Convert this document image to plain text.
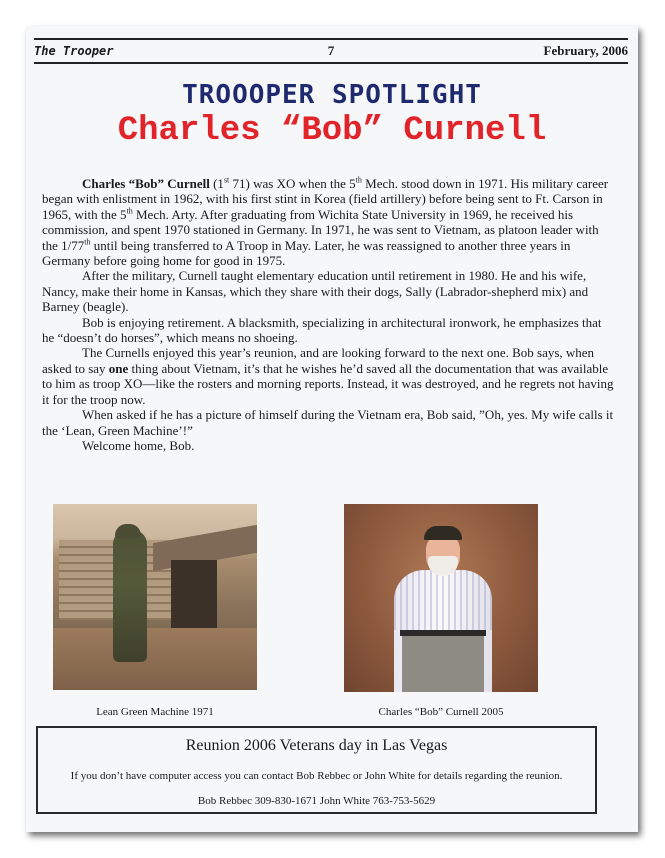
The Trooper	7	February, 2006
TROOOPER SPOTLIGHT
Charles “Bob” Curnell

Charles “Bob” Curnell (1st 71) was XO when the 5th Mech. stood down in 1971. His military career began with enlistment in 1962, with his first stint in Korea (field artillery) before being sent to Ft. Carson in 1965, with the 5th Mech. Arty. After graduating from Wichita State University in 1969, he received his commission, and spent 1970 stationed in Germany. In 1971, he was sent to Vietnam, as platoon leader with the 1/77th until being transferred to A Troop in May. Later, he was reassigned to another three years in Germany before going home for good in 1975.

After the military, Curnell taught elementary education until retirement in 1980. He and his wife, Nancy, make their home in Kansas, which they share with their dogs, Sally (Labrador-shepherd mix) and Barney (beagle).

Bob is enjoying retirement. A blacksmith, specializing in architectural ironwork, he emphasizes that he “doesn’t do horses”, which means no shoeing.

The Curnells enjoyed this year’s reunion, and are looking forward to the next one. Bob says, when asked to say one thing about Vietnam, it’s that he wishes he’d saved all the documentation that was available to him as troop XO—like the rosters and morning reports. Instead, it was destroyed, and he regrets not having it for the troop now.

When asked if he has a picture of himself during the Vietnam era, Bob said, ”Oh, yes. My wife calls it the ‘Lean, Green Machine’!”

Welcome home, Bob.

Lean Green Machine 1971	Charles “Bob” Curnell 2005
Reunion 2006 Veterans day in Las Vegas
If you don’t have computer access you can contact Bob Rebbec or John White for details regarding the reunion.
Bob Rebbec 309-830-1671 John White 763-753-5629
